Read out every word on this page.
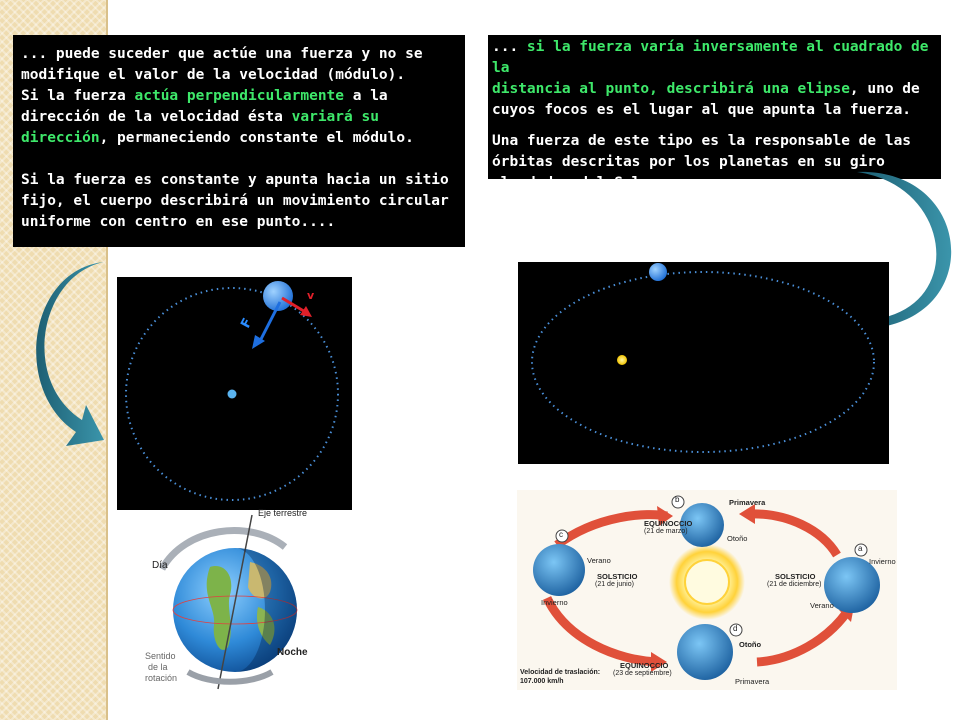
... puede suceder que actúe una fuerza y no se

modifique el valor de la velocidad (módulo).

Si la fuerza actúa perpendicularmente a la

dirección de la velocidad ésta variará su

dirección, permaneciendo constante el módulo.

Si la fuerza es constante y apunta hacia un sitio

fijo, el cuerpo describirá un movimiento circular

uniforme con centro en ese punto....

... si la fuerza varía inversamente al cuadrado de la

distancia al punto, describirá una elipse, uno de

cuyos focos es el lugar al que apunta la fuerza.

Una fuerza de este tipo es la responsable de las

órbitas descritas por los planetas en su giro

alrededor del Sol.

F
v
Eje terrestre
Día
Noche
Sentido
de la
rotación
b	Primavera
EQUINOCCIO
(21 de marzo)
Otoño
c
Verano
SOLSTICIO
(21 de junio)
Invierno
a
Invierno
SOLSTICIO
(21 de diciembre)
Verano
d
Otoño
EQUINOCCIO
(23 de septiembre)
Primavera
Velocidad de traslación:
107.000 km/h
